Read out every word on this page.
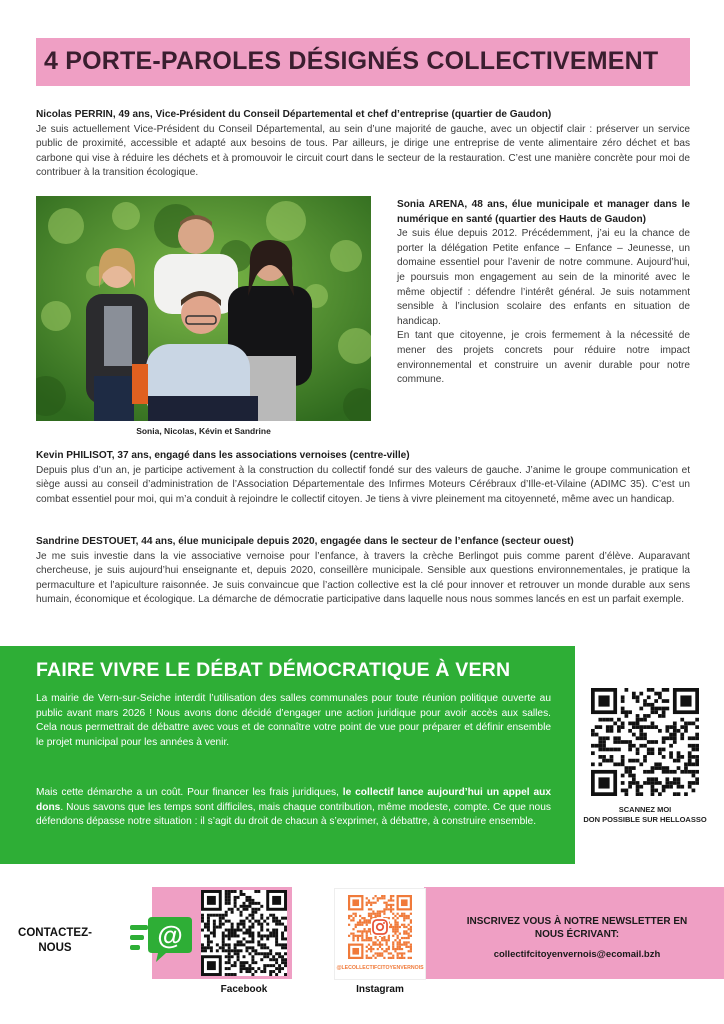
4 PORTE-PAROLES DÉSIGNÉS COLLECTIVEMENT

Nicolas PERRIN, 49 ans, Vice-Président du Conseil Départemental et chef d’entreprise (quartier de Gaudon)

Je suis actuellement Vice-Président du Conseil Départemental, au sein d’une majorité de gauche, avec un objectif clair : préserver un service public de proximité, accessible et adapté aux besoins de tous. Par ailleurs, je dirige une entreprise de vente alimentaire zéro déchet et bas carbone qui vise à réduire les déchets et à promouvoir le circuit court dans le secteur de la restauration. C’est une manière concrète pour moi de contribuer à la transition écologique.

Sonia, Nicolas, Kévin et Sandrine

Sonia ARENA, 48 ans, élue municipale et manager dans le numérique en santé (quartier des Hauts de Gaudon)

Je suis élue depuis 2012. Précédemment, j’ai eu la chance de porter la délégation Petite enfance – Enfance – Jeunesse, un domaine essentiel pour l’avenir de notre commune. Aujourd’hui, je poursuis mon engagement au sein de la minorité avec le même objectif : défendre l’intérêt général. Je suis notamment sensible à l’inclusion scolaire des enfants en situation de handicap.

En tant que citoyenne, je crois fermement à la nécessité de mener des projets concrets pour réduire notre impact environnemental et construire un avenir durable pour notre commune.

Kevin PHILISOT, 37 ans, engagé dans les associations vernoises (centre-ville)

Depuis plus d’un an, je participe activement à la construction du collectif fondé sur des valeurs de gauche. J’anime le groupe communication et siège aussi au conseil d’administration de l’Association Départementale des Infirmes Moteurs Cérébraux d’Ille-et-Vilaine (ADIMC 35). C’est un combat essentiel pour moi, qui m’a conduit à rejoindre le collectif citoyen. Je tiens à vivre pleinement ma citoyenneté, même avec un handicap.

Sandrine DESTOUET, 44 ans, élue municipale depuis 2020, engagée dans le secteur de l’enfance (secteur ouest)

Je me suis investie dans la vie associative vernoise pour l’enfance, à travers la crèche Berlingot puis comme parent d’élève. Auparavant chercheuse, je suis aujourd’hui enseignante et, depuis 2020, conseillère municipale. Sensible aux questions environnementales, je pratique la permaculture et l’apiculture raisonnée. Je suis convaincue que l’action collective est la clé pour innover et retrouver un monde durable aux sens humain, économique et écologique. La démarche de démocratie participative dans laquelle nous nous sommes lancés en est un parfait exemple.

FAIRE VIVRE LE DÉBAT DÉMOCRATIQUE À VERN
La mairie de Vern-sur-Seiche interdit l’utilisation des salles communales pour toute réunion politique ouverte au public avant mars 2026 ! Nous avons donc décidé d’engager une action juridique pour avoir accès aux salles. Cela nous permettrait de débattre avec vous et de connaître votre point de vue pour préparer et définir ensemble le projet municipal pour les années à venir.
Mais cette démarche a un coût. Pour financer les frais juridiques, le collectif lance aujourd’hui un appel aux dons. Nous savons que les temps sont difficiles, mais chaque contribution, même modeste, compte. Ce que nous défendons dépasse notre situation : il s’agit du droit de chacun à s’exprimer, à débattre, à construire ensemble.
SCANNEZ MOI
DON POSSIBLE SUR HELLOASSO
CONTACTEZ-
NOUS	@
Facebook
@LECOLLECTIFCITOYENVERNOIS
Instagram
INSCRIVEZ VOUS À NOTRE NEWSLETTER EN
NOUS ÉCRIVANT:
collectifcitoyenvernois@ecomail.bzh
